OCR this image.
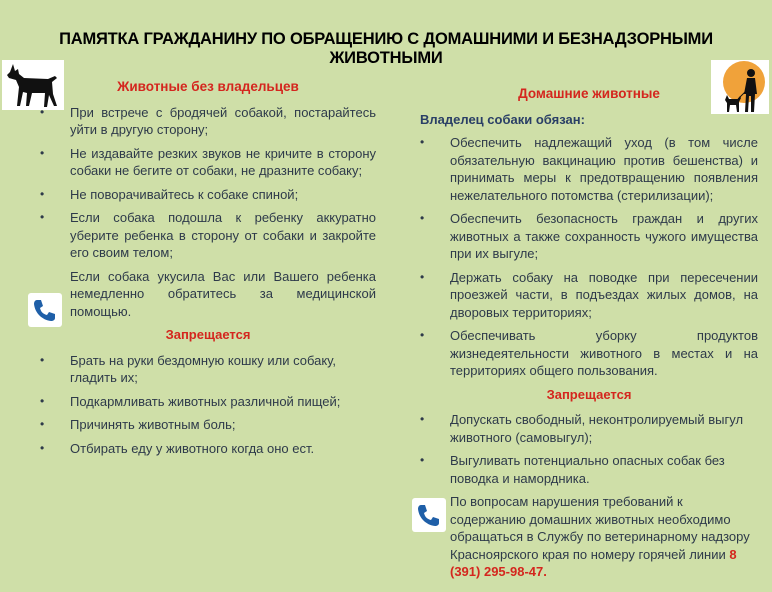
ПАМЯТКА ГРАЖДАНИНУ ПО ОБРАЩЕНИЮ С ДОМАШНИМИ И БЕЗНАДЗОРНЫМИ ЖИВОТНЫМИ
Животные без владельцев
• При встрече с бродячей собакой, постарайтесь уйти в другую сторону;
• Не издавайте резких звуков не кричите в сторону собаки не бегите от собаки, не дразните собаку;
• Не поворачивайтесь к собаке спиной;
• Если собака подошла к ребенку аккуратно уберите ребенка в сторону от собаки и закройте его своим телом;
Если собака укусила Вас или Вашего ребенка немедленно обратитесь за медицинской помощью.
Запрещается
• Брать на руки бездомную кошку или собаку, гладить их;
• Подкармливать животных различной пищей;
• Причинять животным боль;
• Отбирать еду у животного когда оно ест.
Домашние животные
Владелец собаки обязан:
• Обеспечить надлежащий уход (в том числе обязательную вакцинацию против бешенства) и принимать меры к предотвращению появления нежелательного потомства (стерилизации);
• Обеспечить безопасность граждан и других животных а также сохранность чужого имущества при их выгуле;
• Держать собаку на поводке при пересечении проезжей части, в подъездах жилых домов, на дворовых территориях;
• Обеспечивать уборку продуктов жизнедеятельности животного в местах и на территориях общего пользования.
Запрещается
• Допускать свободный, неконтролируемый выгул животного (самовыгул);
• Выгуливать потенциально опасных собак без поводка и намордника.
По вопросам нарушения требований к содержанию домашних животных необходимо обращаться в Службу по ветеринарному надзору Красноярского края по номеру горячей линии 8 (391) 295-98-47.
